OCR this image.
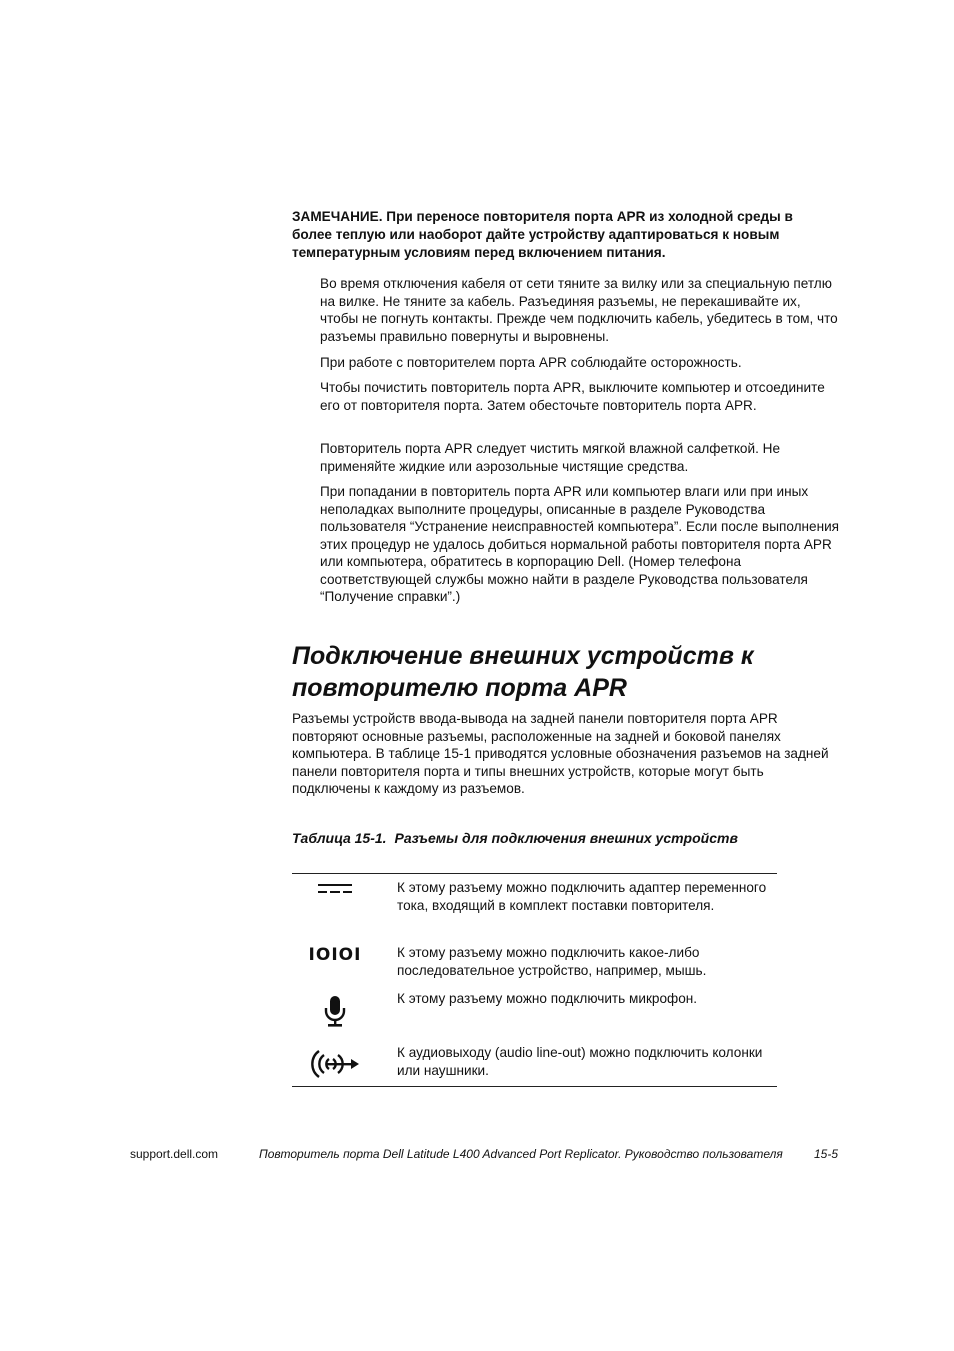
ЗАМЕЧАНИЕ. При переносе повторителя порта APR из холодной среды в более теплую или наоборот дайте устройству адаптироваться к новым температурным условиям перед включением питания.

Во время отключения кабеля от сети тяните за вилку или за специальную петлю на вилке. Не тяните за кабель. Разъединяя разъемы, не перекашивайте их, чтобы не погнуть контакты. Прежде чем подключить кабель, убедитесь в том, что разъемы правильно повернуты и выровнены.

При работе с повторителем порта APR соблюдайте осторожность.

Чтобы почистить повторитель порта APR, выключите компьютер и отсоедините его от повторителя порта. Затем обесточьте повторитель порта APR.

Повторитель порта APR следует чистить мягкой влажной салфеткой. Не применяйте жидкие или аэрозольные чистящие средства.

При попадании в повторитель порта APR или компьютер влаги или при иных неполадках выполните процедуры, описанные в разделе Руководства пользователя “Устранение неисправностей компьютера”. Если после выполнения этих процедур не удалось добиться нормальной работы повторителя порта APR или компьютера, обратитесь в корпорацию Dell. (Номер телефона соответствующей службы можно найти в разделе Руководства пользователя “Получение справки”.)

Подключение внешних устройств к
повторителю порта APR

Разъемы устройств ввода-вывода на задней панели повторителя порта APR повторяют основные разъемы, расположенные на задней и боковой панелях компьютера. В таблице 15-1 приводятся условные обозначения разъемов на задней панели повторителя порта и типы внешних устройств, которые могут быть подключены к каждому из разъемов.

Таблица 15-1. Разъемы для подключения внешних устройств

К этому разъему можно подключить адаптер переменного тока, входящий в комплект поставки повторителя.

IOIOI	К этому разъему можно подключить какое-либо последовательное устройство, например, мышь.

К этому разъему можно подключить микрофон.

К аудиовыходу (audio line-out) можно подключить колонки или наушники.

support.dell.com	Повторитель порта Dell Latitude L400 Advanced Port Replicator. Руководство пользователя	15-5
